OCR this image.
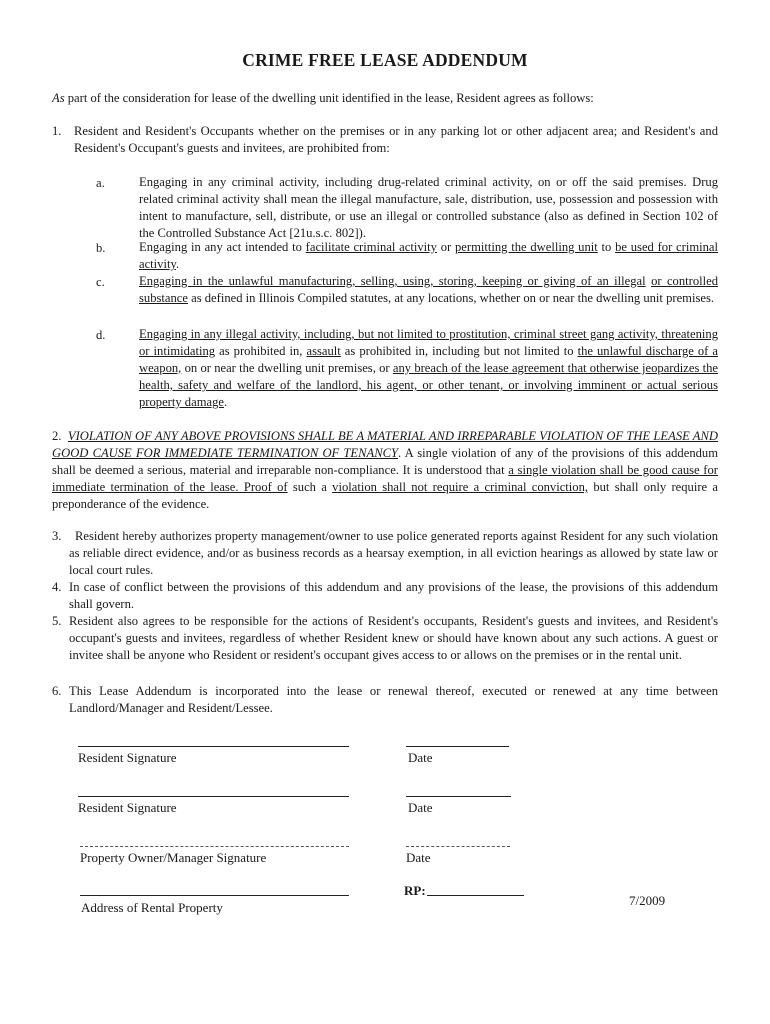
CRIME FREE LEASE ADDENDUM
As part of the consideration for lease of the dwelling unit identified in the lease, Resident agrees as follows:
1. Resident and Resident's Occupants whether on the premises or in any parking lot or other adjacent area; and Resident's and Resident's Occupant's guests and invitees, are prohibited from:
a.	Engaging in any criminal activity, including drug-related criminal activity, on or off the said premises. Drug related criminal activity shall mean the illegal manufacture, sale, distribution, use, possession and possession with intent to manufacture, sell, distribute, or use an illegal or controlled substance (also as defined in Section 102 of the Controlled Substance Act [21u.s.c. 802]).
b.	Engaging in any act intended to facilitate criminal activity or permitting the dwelling unit to be used for criminal activity.
c.	Engaging in the unlawful manufacturing, selling, using, storing, keeping or giving of an illegal or controlled substance as defined in Illinois Compiled statutes, at any locations, whether on or near the dwelling unit premises.
d.	Engaging in any illegal activity, including, but not limited to prostitution, criminal street gang activity, threatening or intimidating as prohibited in, assault as prohibited in, including but not limited to the unlawful discharge of a weapon, on or near the dwelling unit premises, or any breach of the lease agreement that otherwise jeopardizes the health, safety and welfare of the landlord, his agent, or other tenant, or involving imminent or actual serious property damage.
2. VIOLATION OF ANY ABOVE PROVISIONS SHALL BE A MATERIAL AND IRREPARABLE VIOLATION OF THE LEASE AND GOOD CAUSE FOR IMMEDIATE TERMINATION OF TENANCY. A single violation of any of the provisions of this addendum shall be deemed a serious, material and irreparable non-compliance. It is understood that a single violation shall be good cause for immediate termination of the lease. Proof of such a violation shall not require a criminal conviction, but shall only require a preponderance of the evidence.
3.	Resident hereby authorizes property management/owner to use police generated reports against Resident for any such violation as reliable direct evidence, and/or as business records as a hearsay exemption, in all eviction hearings as allowed by state law or local court rules.
4. In case of conflict between the provisions of this addendum and any provisions of the lease, the provisions of this addendum shall govern.
5. Resident also agrees to be responsible for the actions of Resident's occupants, Resident's guests and invitees, and Resident's occupant's guests and invitees, regardless of whether Resident knew or should have known about any such actions. A guest or invitee shall be anyone who Resident or resident's occupant gives access to or allows on the premises or in the rental unit.
6. This Lease Addendum is incorporated into the lease or renewal thereof, executed or renewed at any time between Landlord/Manager and Resident/Lessee.
Resident Signature	Date
Resident Signature	Date
Property Owner/Manager Signature	Date
Address of Rental Property
RP:
7/2009
